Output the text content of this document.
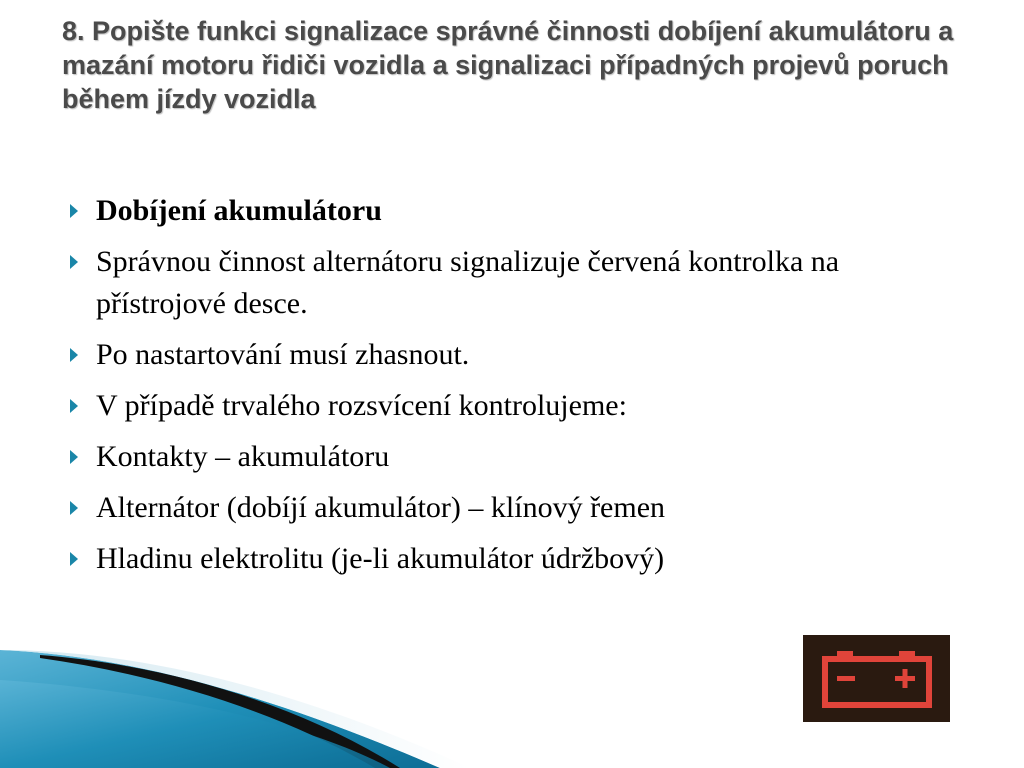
8. Popište funkci signalizace správné činnosti dobíjení akumulátoru a mazání motoru řidiči vozidla a signalizaci případných projevů poruch během jízdy vozidla
Dobíjení akumulátoru
Správnou činnost alternátoru signalizuje červená kontrolka na přístrojové desce.
Po nastartování musí zhasnout.
V případě trvalého rozsvícení kontrolujeme:
Kontakty – akumulátoru
Alternátor (dobíjí akumulátor) – klínový řemen
Hladinu elektrolitu (je-li akumulátor údržbový)
